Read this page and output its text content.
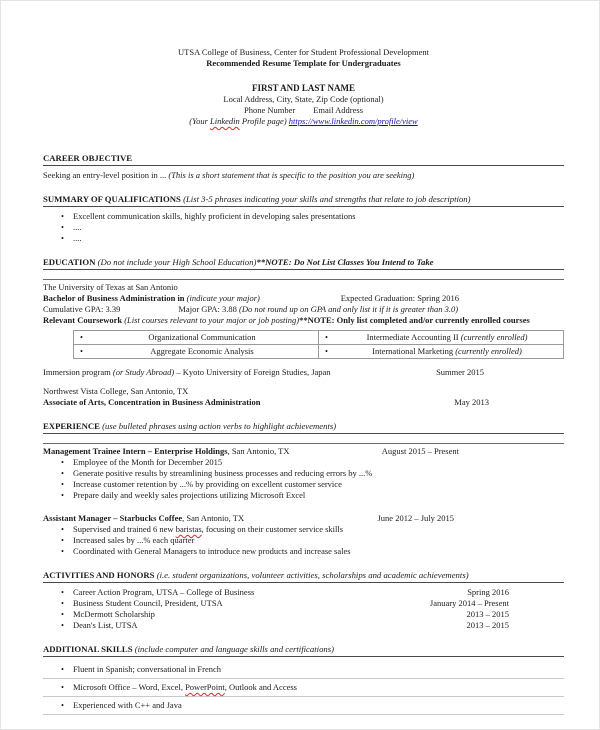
UTSA College of Business, Center for Student Professional Development
Recommended Resume Template for Undergraduates
FIRST AND LAST NAME
Local Address, City, State, Zip Code (optional)
Phone Number Email Address
(Your Linkedin Profile page) https://www.linkedin.com/profile/view
CAREER OBJECTIVE
Seeking an entry-level position in ... (This is a short statement that is specific to the position you are seeking)
SUMMARY OF QUALIFICATIONS (List 3-5 phrases indicating your skills and strengths that relate to job description)
•	Excellent communication skills, highly proficient in developing sales presentations
•	....
•	....
EDUCATION (Do not include your High School Education)**NOTE: Do Not List Classes You Intend to Take
The University of Texas at San Antonio
Bachelor of Business Administration in (indicate your major)	Expected Graduation: Spring 2016
Cumulative GPA: 3.39	Major GPA: 3.88 (Do not round up on GPA and only list it if it is greater than 3.0)
Relevant Coursework (List courses relevant to your major or job posting)**NOTE: Only list completed and/or currently enrolled courses
• Organizational Communication	• Intermediate Accounting II (currently enrolled)

• Aggregate Economic Analysis	• International Marketing (currently enrolled)
Immersion program (or Study Abroad) – Kyoto University of Foreign Studies, Japan	Summer 2015
Northwest Vista College, San Antonio, TX
Associate of Arts, Concentration in Business Administration	May 2013
EXPERIENCE (use bulleted phrases using action verbs to highlight achievements)
Management Trainee Intern – Enterprise Holdings, San Antonio, TX	August 2015 – Present
•	Employee of the Month for December 2015
•	Generate positive results by streamlining business processes and reducing errors by ...%
•	Increase customer retention by ...% by providing on excellent customer service
•	Prepare daily and weekly sales projections utilizing Microsoft Excel
Assistant Manager – Starbucks Coffee, San Antonio, TX	June 2012 – July 2015
•	Supervised and trained 6 new baristas, focusing on their customer service skills
•	Increased sales by ...% each quarter
•	Coordinated with General Managers to introduce new products and increase sales
ACTIVITIES AND HONORS (i.e. student organizations, volunteer activities, scholarships and academic achievements)
•	Career Action Program, UTSA – College of Business	Spring 2016
•	Business Student Council, President, UTSA	January 2014 – Present
•	McDermott Scholarship	2013 – 2015
•	Dean's List, UTSA	2013 – 2015
ADDITIONAL SKILLS (include computer and language skills and certifications)
•	Fluent in Spanish; conversational in French
•	Microsoft Office – Word, Excel, PowerPoint, Outlook and Access
•	Experienced with C++ and Java
